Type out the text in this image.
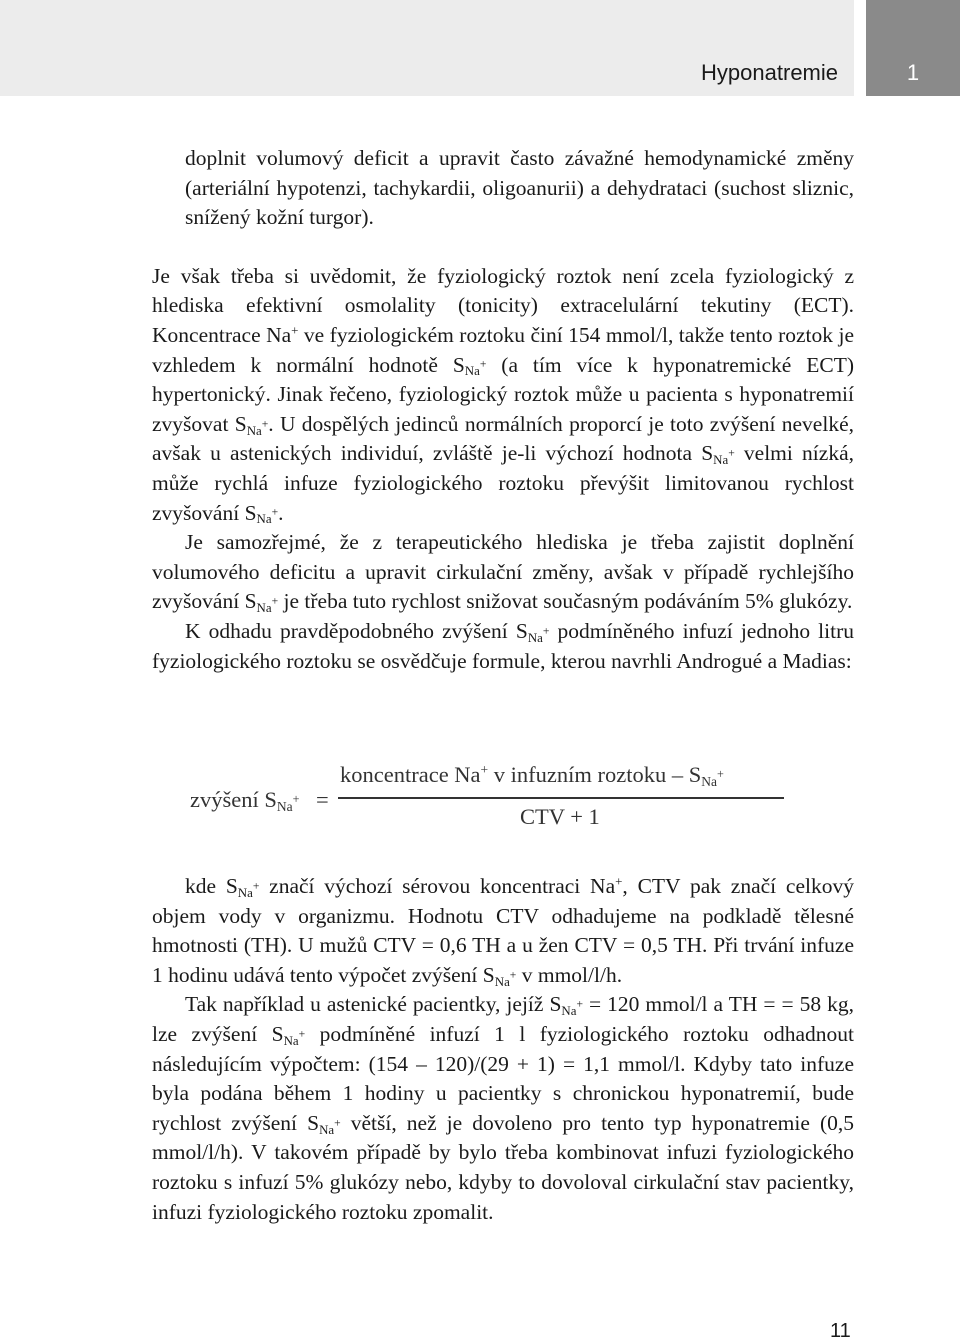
Hyponatremie	1

doplnit volumový deficit a upravit často závažné hemodynamické změny (arteriální hypotenzi, tachykardii, oligoanurii) a dehydrataci (suchost sliznic, snížený kožní turgor).

Je však třeba si uvědomit, že fyziologický roztok není zcela fyziologický z hlediska efektivní osmolality (tonicity) extracelulární tekutiny (ECT). Koncentrace Na+ ve fyziologickém roztoku činí 154 mmol/l, takže tento roztok je vzhledem k normální hodnotě $S_{Na^+}$ (a tím více k hyponatremické ECT) hypertonický. Jinak řečeno, fyziologický roztok může u pacienta s hyponatremií zvyšovat $S_{Na^+}$. U dospělých jedinců normálních proporcí je toto zvýšení nevelké, avšak u astenických individuí, zvláště je-li výchozí hodnota $S_{Na^+}$ velmi nízká, může rychlá infuze fyziologického roztoku převýšit limitovanou rychlost zvyšování $S_{Na^+}$.

Je samozřejmé, že z terapeutického hlediska je třeba zajistit doplnění volumového deficitu a upravit cirkulační změny, avšak v případě rychlejšího zvyšování $S_{Na^+}$ je třeba tuto rychlost snižovat současným podáváním 5% glukózy.

K odhadu pravděpodobného zvýšení $S_{Na^+}$ podmíněného infuzí jednoho litru fyziologického roztoku se osvědčuje formule, kterou navrhli Androgué a Madias:

zvýšení $S_{Na^+}$ =
koncentrace Na+ v infuzním roztoku – $S_{Na^+}$
CTV + 1

kde $S_{Na^+}$ značí výchozí sérovou koncentraci Na+, CTV pak značí celkový objem vody v organizmu. Hodnotu CTV odhadujeme na podkladě tělesné hmotnosti (TH). U mužů CTV = 0,6 TH a u žen CTV = 0,5 TH. Při trvání infuze 1 hodinu udává tento výpočet zvýšení $S_{Na^+}$ v mmol/l/h.

Tak například u astenické pacientky, jejíž $S_{Na^+} = 120$ mmol/l a TH = = 58 kg, lze zvýšení $S_{Na^+}$ podmíněné infuzí 1 l fyziologického roztoku odhadnout následujícím výpočtem: (154 – 120)/(29 + 1) = 1,1 mmol/l. Kdyby tato infuze byla podána během 1 hodiny u pacientky s chronickou hyponatremií, bude rychlost zvýšení $S_{Na^+}$ větší, než je dovoleno pro tento typ hyponatremie (0,5 mmol/l/h). V takovém případě by bylo třeba kombinovat infuzi fyziologického roztoku s infuzí 5% glukózy nebo, kdyby to dovoloval cirkulační stav pacientky, infuzi fyziologického roztoku zpomalit.

11
